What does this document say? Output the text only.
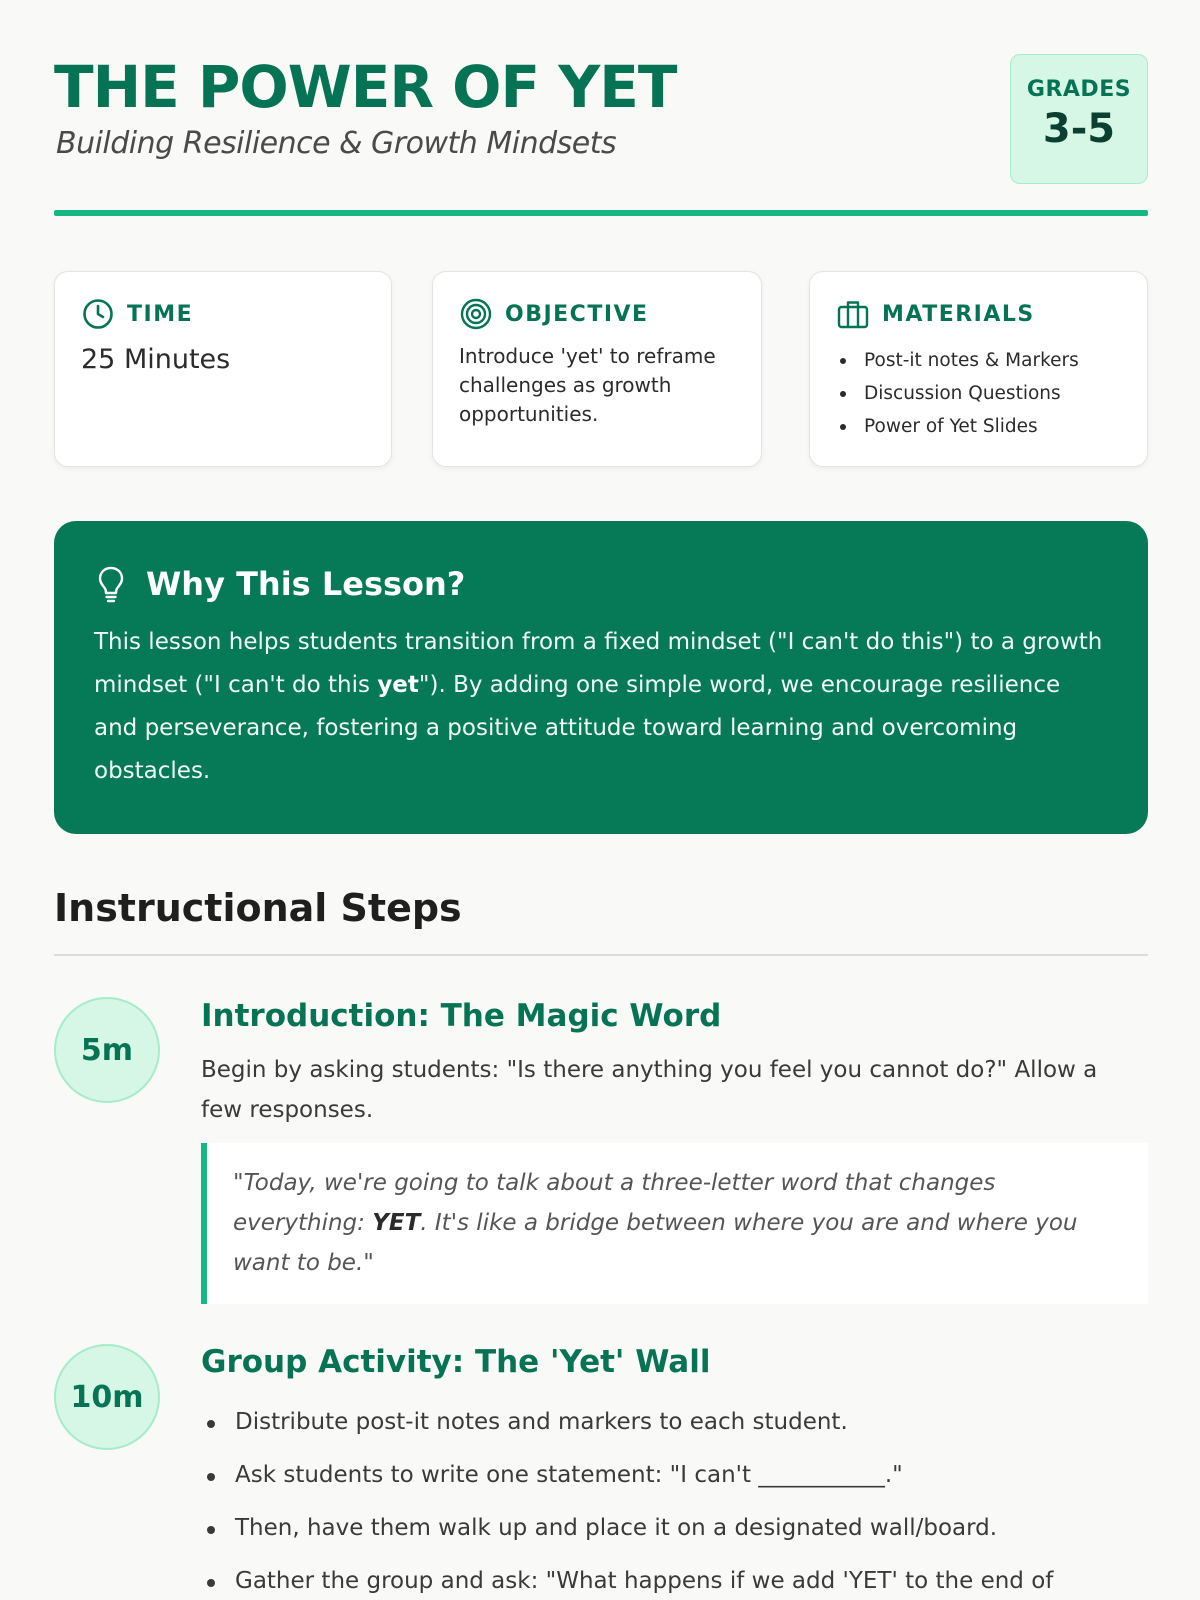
THE POWER OF YET
Building Resilience & Growth Mindsets
GRADES
3-5
TIME
25 Minutes
OBJECTIVE
Introduce 'yet' to reframe challenges as growth opportunities.
MATERIALS
Post-it notes & Markers
Discussion Questions
Power of Yet Slides
Why This Lesson?
This lesson helps students transition from a fixed mindset ("I can't do this") to a growth mindset ("I can't do this yet"). By adding one simple word, we encourage resilience and perseverance, fostering a positive attitude toward learning and overcoming obstacles.
Instructional Steps
5m
Introduction: The Magic Word
Begin by asking students: "Is there anything you feel you cannot do?" Allow a few responses.
"Today, we're going to talk about a three-letter word that changes everything: YET. It's like a bridge between where you are and where you want to be."
10m
Group Activity: The 'Yet' Wall
Distribute post-it notes and markers to each student.
Ask students to write one statement: "I can't ___________."
Then, have them walk up and place it on a designated wall/board.
Gather the group and ask: "What happens if we add 'YET' to the end of
